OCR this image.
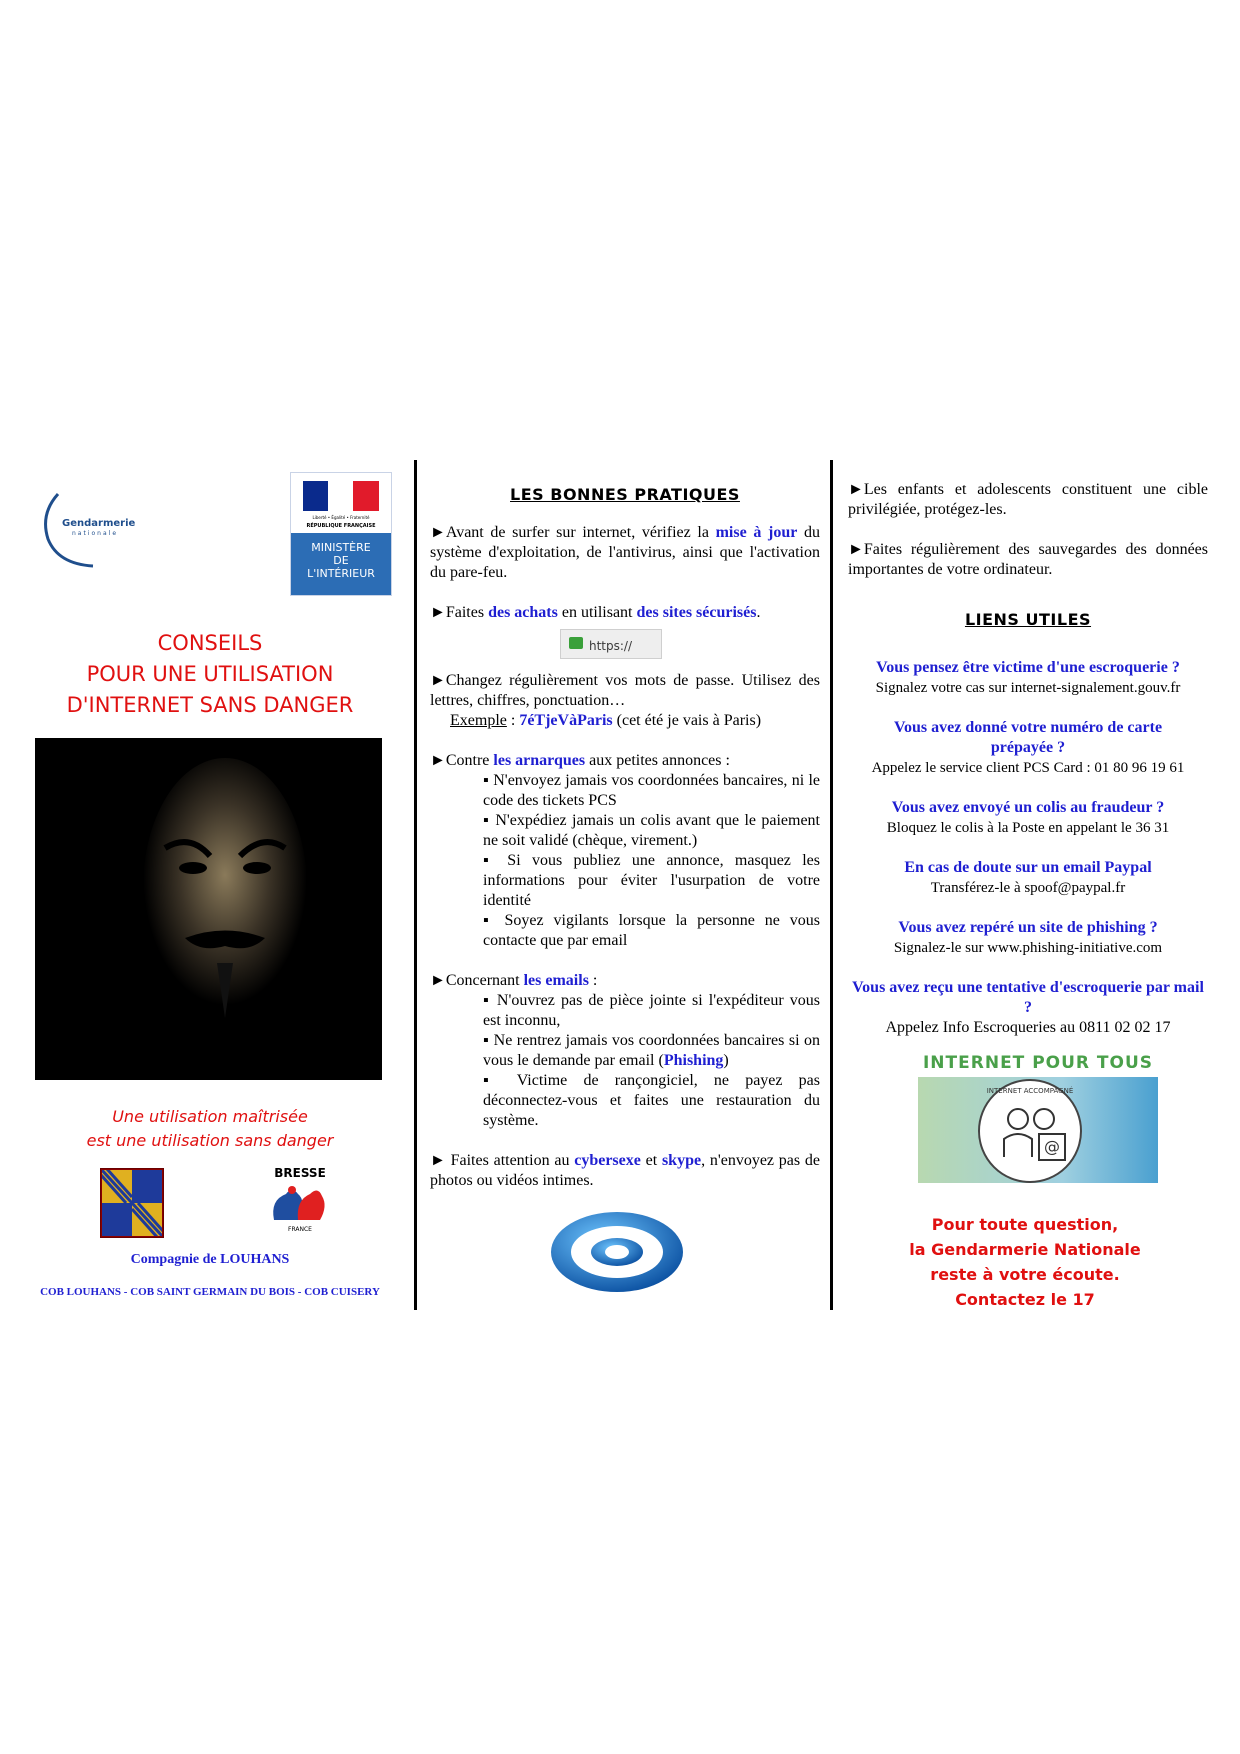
Gendarmerie
nationale
Liberté • Égalité • Fraternité
RÉPUBLIQUE FRANÇAISE
MINISTÈRE
DE
L'INTÉRIEUR
CONSEILS
POUR UNE UTILISATION
D'INTERNET SANS DANGER
Une utilisation maîtrisée
est une utilisation sans danger
BRESSE
FRANCE
Compagnie de LOUHANS
COB LOUHANS - COB SAINT GERMAIN DU BOIS - COB CUISERY
LES BONNES PRATIQUES

►Avant de surfer sur internet, vérifiez la mise à jour du système d'exploitation, de l'antivirus, ainsi que l'activation du pare-feu.

►Faites des achats en utilisant des sites sécurisés.

https://

►Changez régulièrement vos mots de passe. Utilisez des lettres, chiffres, ponctuation…

Exemple : 7éTjeVàParis (cet été je vais à Paris)

►Contre les arnarques aux petites annonces :

▪ N'envoyez jamais vos coordonnées bancaires, ni le code des tickets PCS

▪ N'expédiez jamais un colis avant que le paiement ne soit validé (chèque, virement.)

▪ Si vous publiez une annonce, masquez les informations pour éviter l'usurpation de votre identité

▪ Soyez vigilants lorsque la personne ne vous contacte que par email

►Concernant les emails :

▪ N'ouvrez pas de pièce jointe si l'expéditeur vous est inconnu,

▪ Ne rentrez jamais vos coordonnées bancaires si on vous le demande par email (Phishing)

▪ Victime de rançongiciel, ne payez pas déconnectez-vous et faites une restauration du système.

► Faites attention au cybersexe et skype, n'envoyez pas de photos ou vidéos intimes.

►Les enfants et adolescents constituent une cible privilégiée, protégez-les.

►Faites régulièrement des sauvegardes des données importantes de votre ordinateur.

LIENS UTILES
Vous pensez être victime d'une escroquerie ?
Signalez votre cas sur internet-signalement.gouv.fr
Vous avez donné votre numéro de carte prépayée ?
Appelez le service client PCS Card : 01 80 96 19 61
Vous avez envoyé un colis au fraudeur ?
Bloquez le colis à la Poste en appelant le 36 31
En cas de doute sur un email Paypal
Transférez-le à spoof@paypal.fr
Vous avez repéré un site de phishing ?
Signalez-le sur www.phishing-initiative.com
Vous avez reçu une tentative d'escroquerie par mail ?
Appelez Info Escroqueries au 0811 02 02 17
INTERNET POUR TOUS
INTERNET ACCOMPAGNÉ
@
Pour toute question,
la Gendarmerie Nationale
reste à votre écoute.
Contactez le 17
